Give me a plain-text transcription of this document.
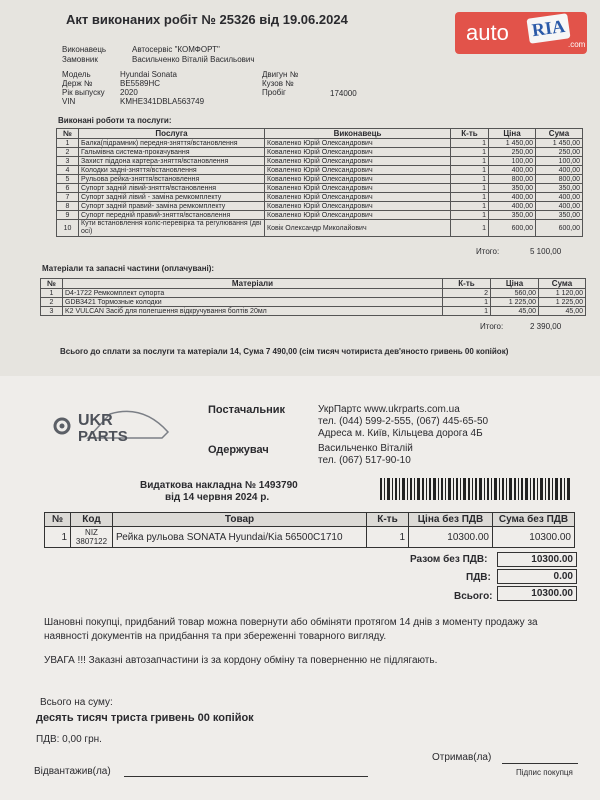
Акт виконаних робіт № 25326 від 19.06.2024
Виконавець	Автосервіс "КОМФОРТ"
Замовник	Васильченко Віталій Васильович
Модель	Hyundai Sonata
Держ №	BE5589HC
Рік выпуску 2020
VIN	KMHE341DBLA563749
Двигун №
Кузов №
Пробіг	174000
Виконані роботи та послуги:
№	Послуга	Виконавець	К-ть	Ціна	Сума
1	Балка(підрамник) передня-зняття/встановлення	Коваленко Юрій Олександрович	1	1 450,00	1 450,00
2	Гальмівна система-прокачування	Коваленко Юрій Олександрович	1	250,00	250,00
3	Захист піддона картера-зняття/встановлення	Коваленко Юрій Олександрович	1	100,00	100,00
4	Колодки задні-зняття/встановлення	Коваленко Юрій Олександрович	1	400,00	400,00
5	Рульова рейка-зняття/встановлення	Коваленко Юрій Олександрович	1	800,00	800,00
6	Супорт задній лівий-зняття/встановлення	Коваленко Юрій Олександрович	1	350,00	350,00
7	Супорт задній лівий - заміна ремкомплекту	Коваленко Юрій Олександрович	1	400,00	400,00
8	Супорт задній правий- заміна ремкомплекту	Коваленко Юрій Олександрович	1	400,00	400,00
9	Супорт передній правий-зняття/встановлення	Коваленко Юрій Олександрович	1	350,00	350,00
10	Кути встановлення коліс-перевірка та регулювання (дві осі)	Ковік Олександр Миколайович	1	600,00	600,00
Итого:	5 100,00
Матеріали та запасні частини (оплачувані):
№	Матеріали	К-ть	Ціна	Сума
1	D4-1722 Ремкомплект супорта	2	560,00	1 120,00
2	GDB3421 Тормозные колодки	1	1 225,00	1 225,00
3	K2 VULCAN Засіб для полегшення відкручування болтів 20мл	1	45,00	45,00
Итого:	2 390,00
Всього до сплати за послуги та матеріали 14, Сума 7 490,00 (сім тисяч чотириста дев'яносто гривень 00 копійок)
auto RIA
.com
UKR
PARTS
Постачальник	УкрПартс www.ukrparts.com.ua
тел. (044) 599-2-555, (067) 445-65-50
Адреса м. Київ, Кільцева дорога 4Б
Одержувач	Васильченко Віталій
тел. (067) 517-90-10
Видаткова накладна № 1493790
від 14 червня 2024 р.
№	Код	Товар	К-ть	Ціна без ПДВ	Сума без ПДВ
1	NIZ
3807122	Рейка рульова SONATA Hyundai/Kia 56500C1710	1	10300.00	10300.00
Разом без ПДВ:	10300.00
ПДВ:	0.00
Всього:	10300.00
Шановні покупці, придбаний товар можна повернути або обміняти протягом 14 днів з моменту продажу за наявності документів на придбання та при збереженні товарного вигляду.
УВАГА !!! Заказні автозапчастини із за кордону обміну та поверненню не підлягають.
Всього на суму:
десять тисяч триста гривень 00 копійок
ПДВ: 0,00 грн.
Отримав(ла)
Відвантажив(ла)	Підпис покупця
